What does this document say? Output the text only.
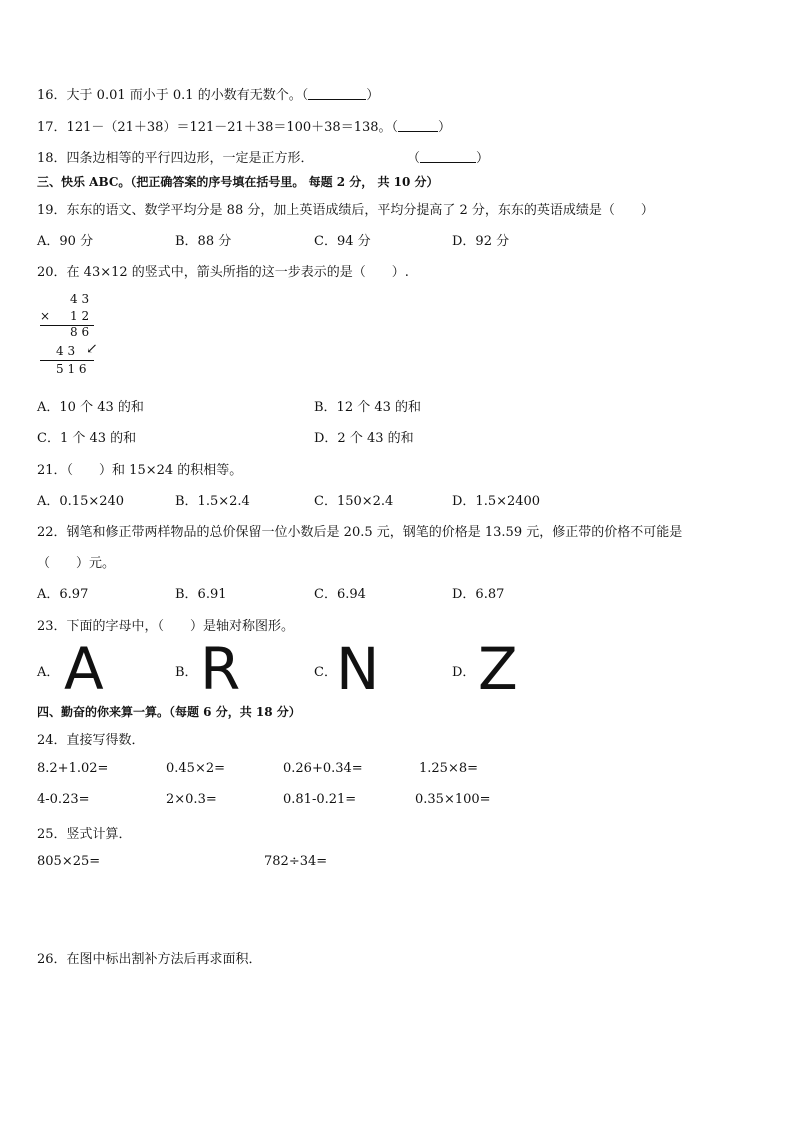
16．大于 0.01 而小于 0.1 的小数有无数个。（	）
17．121－（21＋38）＝121－21＋38＝100＋38＝138。（	）
18．四条边相等的平行四边形，一定是正方形．	（	）
三、快乐 ABC。（把正确答案的序号填在括号里。 每题 2 分， 共 10 分）
19．东东的语文、数学平均分是 88 分，加上英语成绩后，平均分提高了 2 分，东东的英语成绩是（　　）
A．90 分	B．88 分	C．94 分	D．92 分
20．在 43×12 的竖式中，箭头所指的这一步表示的是（　　）.
4 3
× 1 2
8 6
4 3 ↙
5 1 6
A．10 个 43 的和	B．12 个 43 的和
C．1 个 43 的和	D．2 个 43 的和
21．（　　）和 15×24 的积相等。
A．0.15×240	B．1.5×2.4	C．150×2.4	D．1.5×2400
22．钢笔和修正带两样物品的总价保留一位小数后是 20.5 元，钢笔的价格是 13.59 元，修正带的价格不可能是
（　　）元。
A．6.97	B．6.91	C．6.94	D．6.87
23．下面的字母中，（　　）是轴对称图形。
A． A	B． R	C． N	D． Z
四、勤奋的你来算一算。（每题 6 分，共 18 分）
24．直接写得数．
8.2+1.02=	0.45×2=	0.26+0.34=	1.25×8=
4-0.23=	2×0.3=	0.81-0.21=	0.35×100=
25．竖式计算．
805×25=	782÷34=
26．在图中标出割补方法后再求面积．
